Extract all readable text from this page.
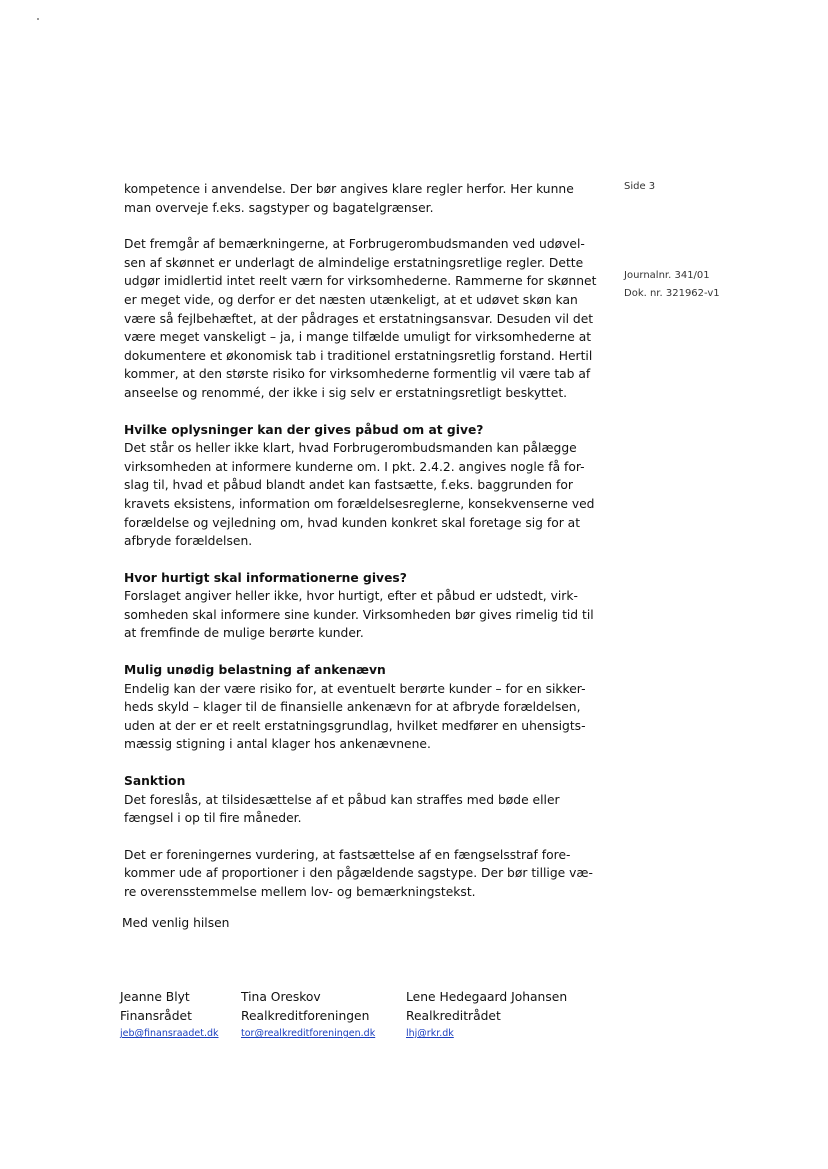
Side 3
Journalnr. 341/01
Dok. nr. 321962-v1
kompetence i anvendelse. Der bør angives klare regler herfor. Her kunne
man overveje f.eks. sagstyper og bagatelgrænser.
Det fremgår af bemærkningerne, at Forbrugerombudsmanden ved udøvel-
sen af skønnet er underlagt de almindelige erstatningsretlige regler. Dette
udgør imidlertid intet reelt værn for virksomhederne. Rammerne for skønnet
er meget vide, og derfor er det næsten utænkeligt, at et udøvet skøn kan
være så fejlbehæftet, at der pådrages et erstatningsansvar. Desuden vil det
være meget vanskeligt – ja, i mange tilfælde umuligt for virksomhederne at
dokumentere et økonomisk tab i traditionel erstatningsretlig forstand. Hertil
kommer, at den største risiko for virksomhederne formentlig vil være tab af
anseelse og renommé, der ikke i sig selv er erstatningsretligt beskyttet.
Hvilke oplysninger kan der gives påbud om at give?
Det står os heller ikke klart, hvad Forbrugerombudsmanden kan pålægge
virksomheden at informere kunderne om. I pkt. 2.4.2. angives nogle få for-
slag til, hvad et påbud blandt andet kan fastsætte, f.eks. baggrunden for
kravets eksistens, information om forældelsesreglerne, konsekvenserne ved
forældelse og vejledning om, hvad kunden konkret skal foretage sig for at
afbryde forældelsen.
Hvor hurtigt skal informationerne gives?
Forslaget angiver heller ikke, hvor hurtigt, efter et påbud er udstedt, virk-
somheden skal informere sine kunder. Virksomheden bør gives rimelig tid til
at fremfinde de mulige berørte kunder.
Mulig unødig belastning af ankenævn
Endelig kan der være risiko for, at eventuelt berørte kunder – for en sikker-
heds skyld – klager til de finansielle ankenævn for at afbryde forældelsen,
uden at der er et reelt erstatningsgrundlag, hvilket medfører en uhensigts-
mæssig stigning i antal klager hos ankenævnene.
Sanktion
Det foreslås, at tilsidesættelse af et påbud kan straffes med bøde eller
fængsel i op til fire måneder.
Det er foreningernes vurdering, at fastsættelse af en fængselsstraf fore-
kommer ude af proportioner i den pågældende sagstype. Der bør tillige væ-
re overensstemmelse mellem lov- og bemærkningstekst.
Med venlig hilsen
Jeanne Blyt
Finansrådet
jeb@finansraadet.dk
Tina Oreskov
Realkreditforeningen
tor@realkreditforeningen.dk
Lene Hedegaard Johansen
Realkreditrådet
lhj@rkr.dk
